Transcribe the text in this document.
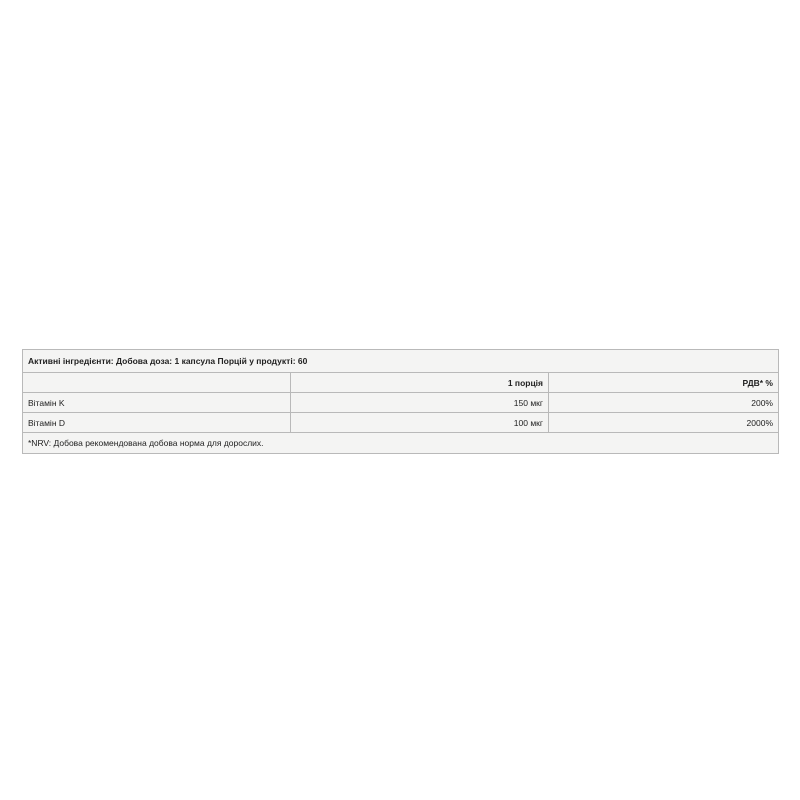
Активні інгредієнти: Добова доза: 1 капсула Порцій у продукті: 60		
	1 порція	РДВ* %
Вітамін K	150 мкг	200%
Вітамін D	100 мкг	2000%
*NRV: Добова рекомендована добова норма для дорослих.		
